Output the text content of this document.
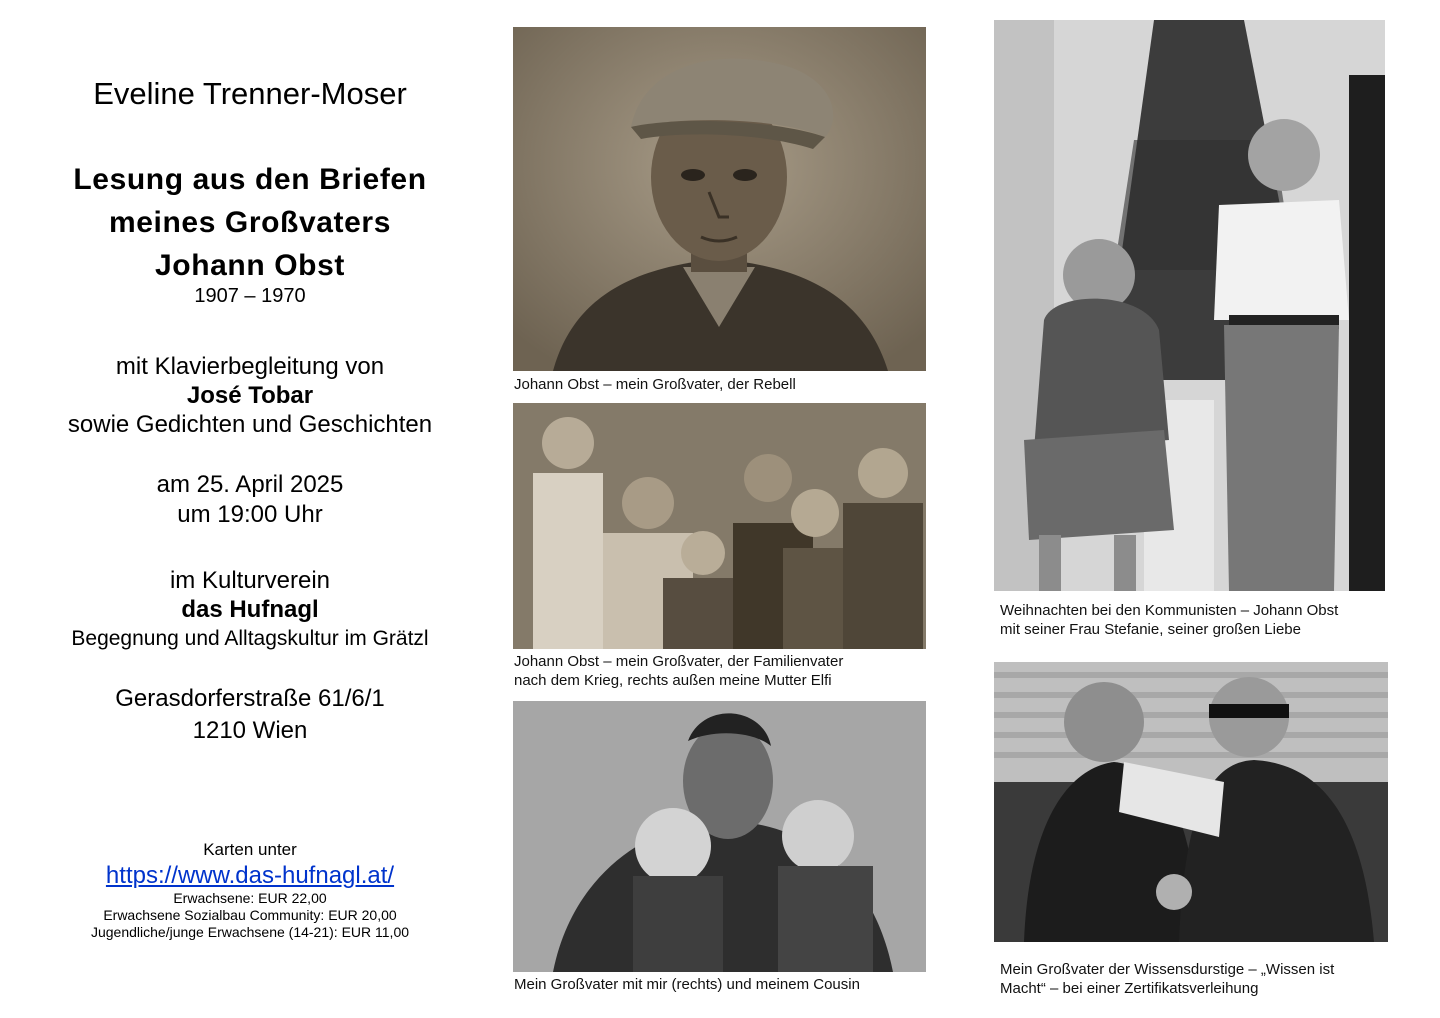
Eveline Trenner-Moser
Lesung aus den Briefen
meines Großvaters
Johann Obst
1907 – 1970
mit Klavierbegleitung von
José Tobar
sowie Gedichten und Geschichten
am 25. April 2025
um 19:00 Uhr
im Kulturverein
das Hufnagl
Begegnung und Alltagskultur im Grätzl
Gerasdorferstraße 61/6/1
1210 Wien
Karten unter
https://www.das-hufnagl.at/
Erwachsene: EUR 22,00
Erwachsene Sozialbau Community: EUR 20,00
Jugendliche/junge Erwachsene (14-21): EUR 11,00
Johann Obst – mein Großvater, der Rebell
Johann Obst – mein Großvater, der Familienvater
nach dem Krieg, rechts außen meine Mutter Elfi
Mein Großvater mit mir (rechts) und meinem Cousin
Weihnachten bei den Kommunisten – Johann Obst
mit seiner Frau Stefanie, seiner großen Liebe
Mein Großvater der Wissensdurstige – „Wissen ist
Macht“ – bei einer Zertifikatsverleihung
